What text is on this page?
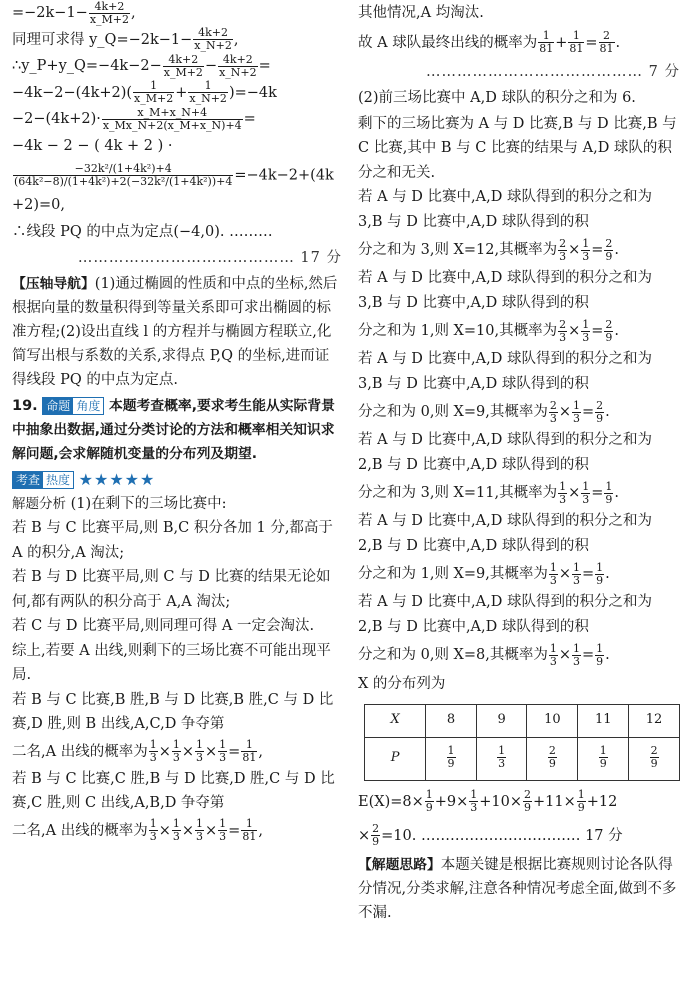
$=-2k-1- \frac{4k+2}{x\_M+2}$ ,
同理可求得 y_Q=−2k−1− $\frac{4k+2}{x\_N+2}$ ,
∴y_P+y_Q=−4k−2− $\frac{4k+2}{x\_M+2} - \frac{4k+2}{x\_N+2}$ =
$-4k-2-(4k+2)( \frac{1}{x\_M+2} + \frac{1}{x\_N+2} )=-4k$
$-2-(4k+2)\cdot \frac{x\_M+x\_N+4}{x\_Mx\_N+2(x\_M+x\_N)+4}$ =
−4k − 2 − ( 4k + 2 ) ·
$\frac{\text{−32k²/(1+4k²)+4}}{\text{(64k²−8)/(1+4k²)+2(−32k²/(1+4k²))+4}} =-4k-2+(4k$
+2)=0,
∴线段 PQ 的中点为定点(−4,0). ………
…………………………………… 17 分
【压轴导航】(1)通过椭圆的性质和中点的坐标,然后根据向量的数量积得到等量关系即可求出椭圆的标准方程;(2)设出直线 l 的方程并与椭圆方程联立,化简写出根与系数的关系,求得点 P,Q 的坐标,进而证得线段 PQ 的中点为定点.
19. 命题 角度 本题考查概率,要求考生能从实际背景中抽象出数据,通过分类讨论的方法和概率相关知识求解问题,会求解随机变量的分布列及期望.
考查 热度 ★★★★★
解题分析 (1)在剩下的三场比赛中:
若 B 与 C 比赛平局,则 B,C 积分各加 1 分,都高于 A 的积分,A 淘汰;
若 B 与 D 比赛平局,则 C 与 D 比赛的结果无论如何,都有两队的积分高于 A,A 淘汰;
若 C 与 D 比赛平局,则同理可得 A 一定会淘汰.
综上,若要 A 出线,则剩下的三场比赛不可能出现平局.
若 B 与 C 比赛,B 胜,B 与 D 比赛,B 胜,C 与 D 比赛,D 胜,则 B 出线,A,C,D 争夺第
二名,A 出线的概率为 $\frac{1}{3} \times \frac{1}{3} \times \frac{1}{3} \times \frac{1}{3} = \frac{1}{81}$ ,
若 B 与 C 比赛,C 胜,B 与 D 比赛,D 胜,C 与 D 比赛,C 胜,则 C 出线,A,B,D 争夺第
二名,A 出线的概率为 $\frac{1}{3} \times \frac{1}{3} \times \frac{1}{3} \times \frac{1}{3} = \frac{1}{81}$ ,
其他情况,A 均淘汰.
故 A 球队最终出线的概率为 $\frac{1}{81} + \frac{1}{81} = \frac{2}{81}$ .
…………………………………… 7 分
(2)前三场比赛中 A,D 球队的积分之和为 6.
剩下的三场比赛为 A 与 D 比赛,B 与 D 比赛,B 与 C 比赛,其中 B 与 C 比赛的结果与 A,D 球队的积分之和无关.
若 A 与 D 比赛中,A,D 球队得到的积分之和为 3,B 与 D 比赛中,A,D 球队得到的积
分之和为 3,则 X=12,其概率为 $\frac{2}{3} \times \frac{1}{3} = \frac{2}{9}$ .
若 A 与 D 比赛中,A,D 球队得到的积分之和为 3,B 与 D 比赛中,A,D 球队得到的积
分之和为 1,则 X=10,其概率为 $\frac{2}{3} \times \frac{1}{3} = \frac{2}{9}$ .
若 A 与 D 比赛中,A,D 球队得到的积分之和为 3,B 与 D 比赛中,A,D 球队得到的积
分之和为 0,则 X=9,其概率为 $\frac{2}{3} \times \frac{1}{3} = \frac{2}{9}$ .
若 A 与 D 比赛中,A,D 球队得到的积分之和为 2,B 与 D 比赛中,A,D 球队得到的积
分之和为 3,则 X=11,其概率为 $\frac{1}{3} \times \frac{1}{3} = \frac{1}{9}$ .
若 A 与 D 比赛中,A,D 球队得到的积分之和为 2,B 与 D 比赛中,A,D 球队得到的积
分之和为 1,则 X=9,其概率为 $\frac{1}{3} \times \frac{1}{3} = \frac{1}{9}$ .
若 A 与 D 比赛中,A,D 球队得到的积分之和为 2,B 与 D 比赛中,A,D 球队得到的积
分之和为 0,则 X=8,其概率为 $\frac{1}{3} \times \frac{1}{3} = \frac{1}{9}$ .
X 的分布列为
X	8	9	10	11	12
P	$\frac{1}{9}$	$\frac{1}{3}$	$\frac{2}{9}$	$\frac{1}{9}$	$\frac{2}{9}$
$E(X)=8\times \frac{1}{9} +9\times \frac{1}{3} +10\times \frac{2}{9} +11\times \frac{1}{9} +12$
× $\frac{2}{9} =10$. …………………………… 17 分
【解题思路】本题关键是根据比赛规则讨论各队得分情况,分类求解,注意各种情况考虑全面,做到不多不漏.
